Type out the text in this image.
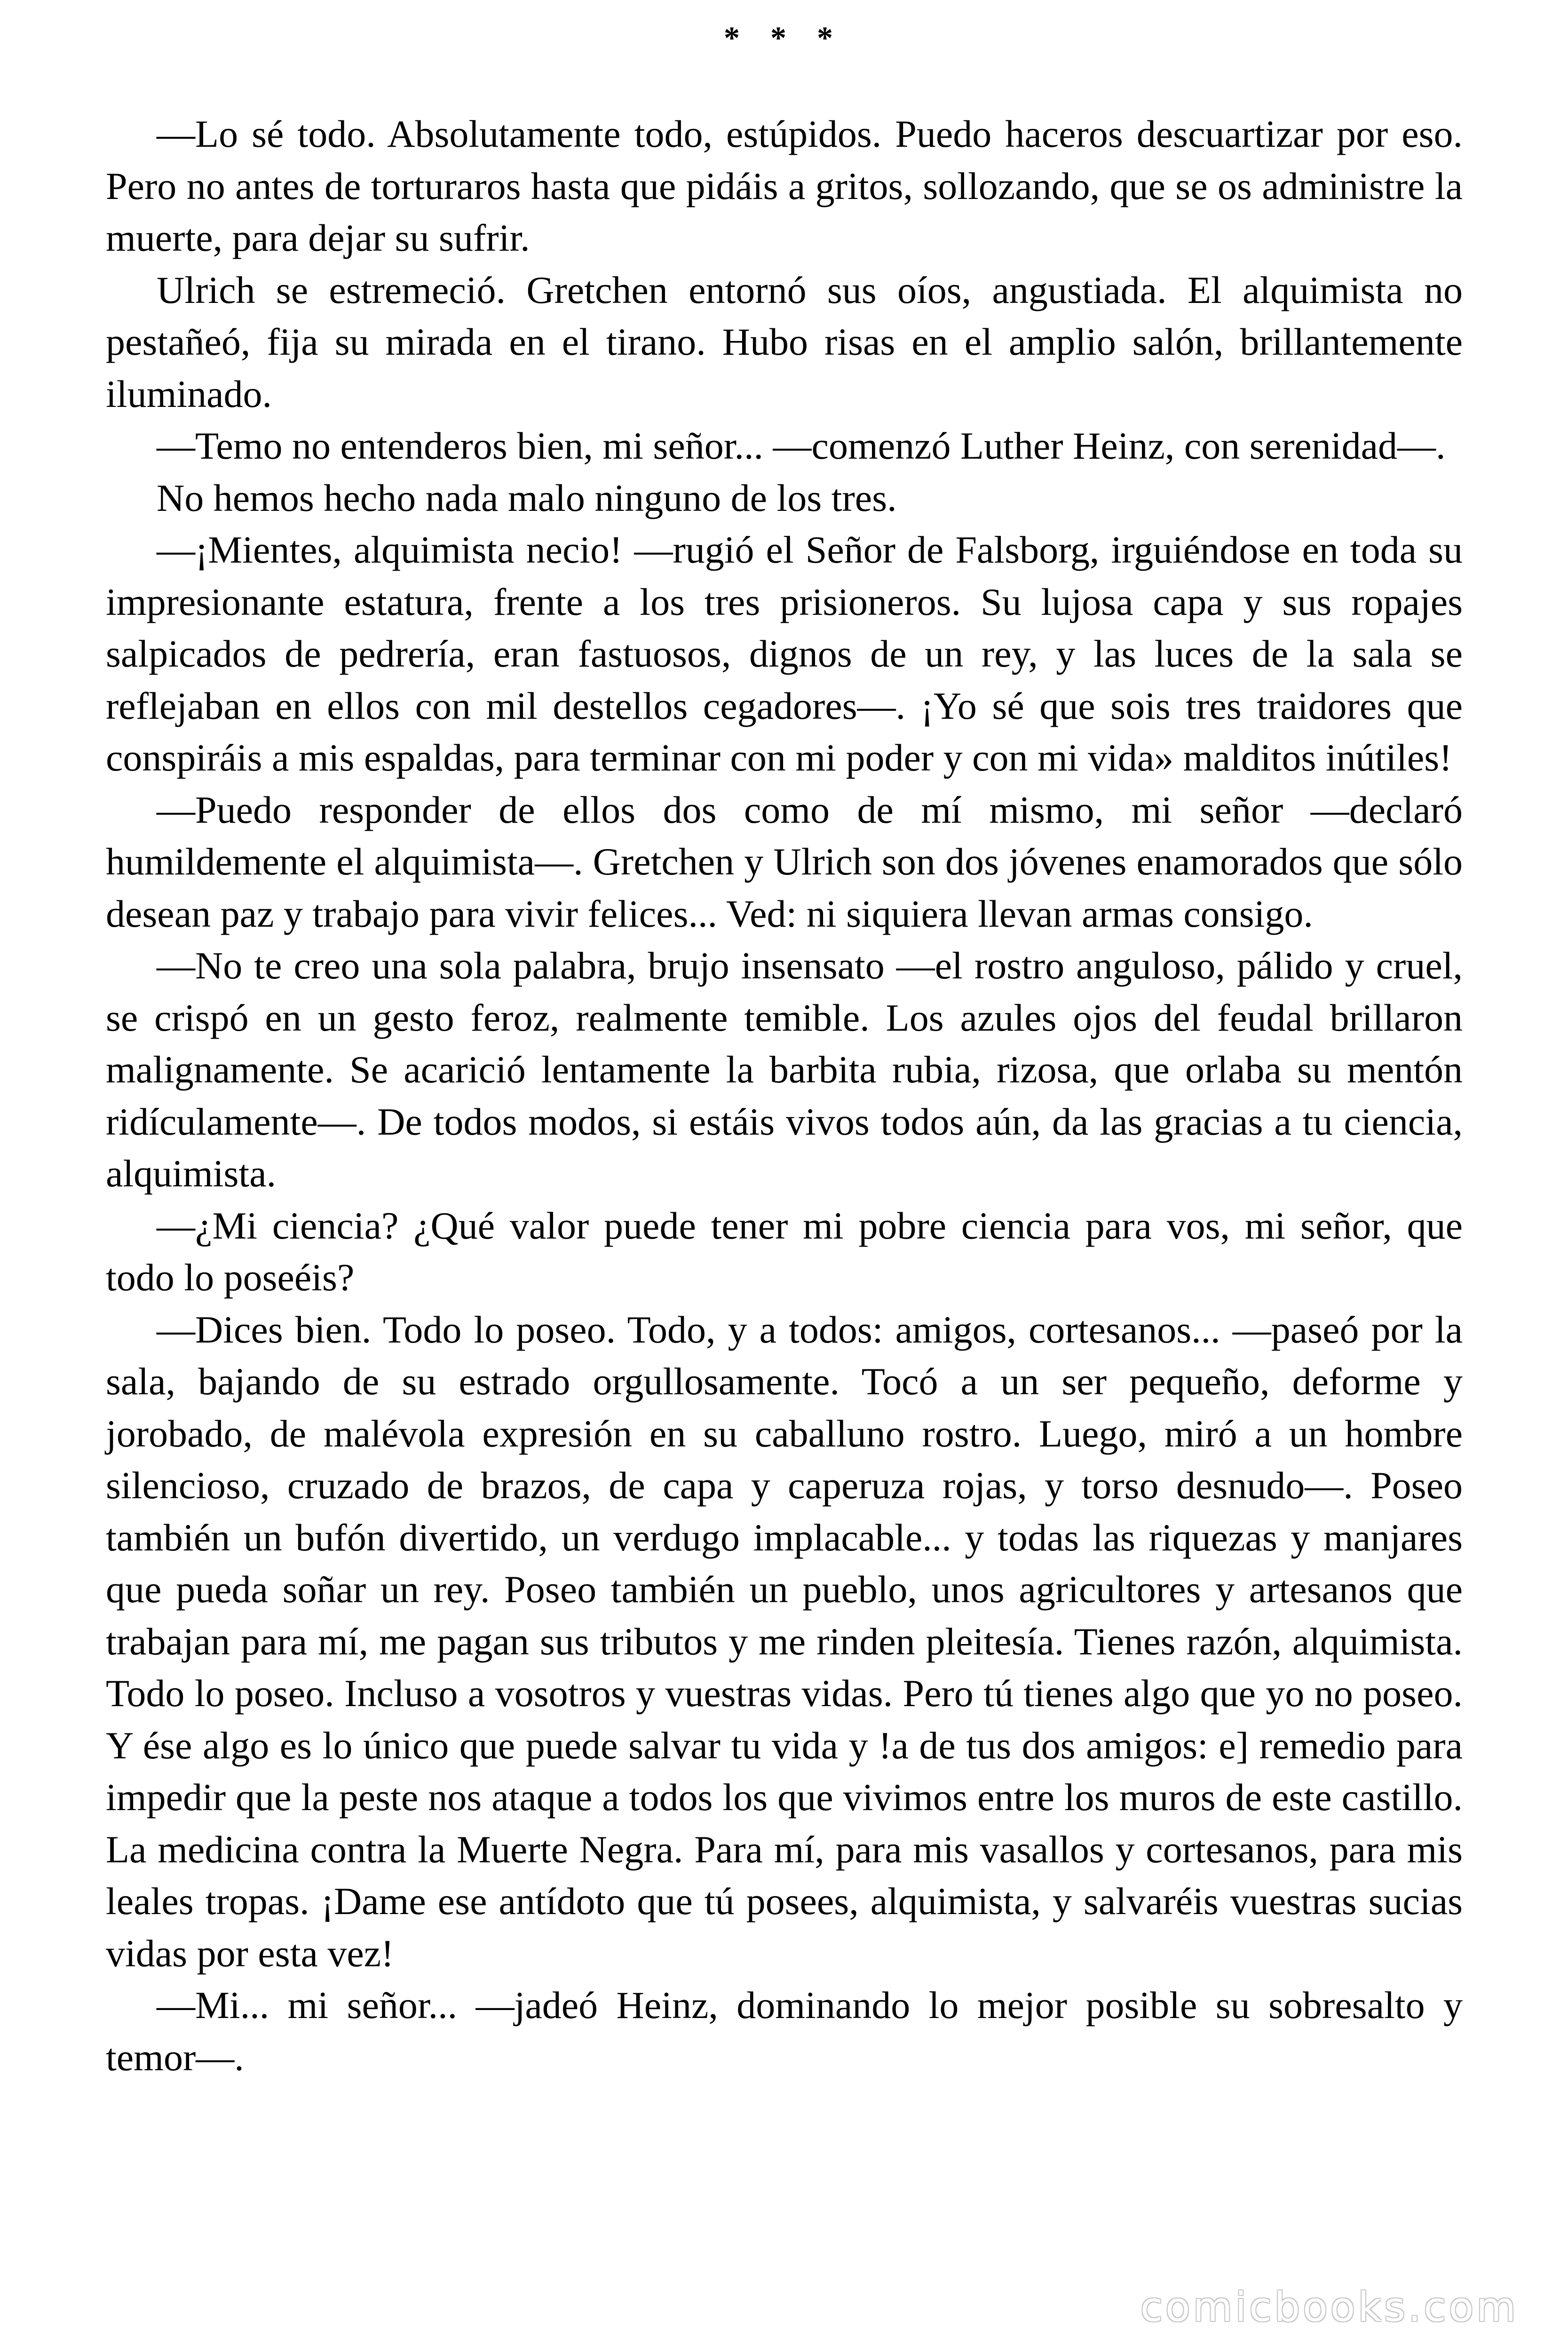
* * *

—Lo sé todo. Absolutamente todo, estúpidos. Puedo haceros descuartizar por eso. Pero no antes de torturaros hasta que pidáis a gritos, sollozando, que se os administre la muerte, para dejar su sufrir.

Ulrich se estremeció. Gretchen entornó sus oíos, angustiada. El alquimista no pestañeó, fija su mirada en el tirano. Hubo risas en el amplio salón, brillantemente iluminado.

—Temo no entenderos bien, mi señor... —comenzó Luther Heinz, con serenidad—.

No hemos hecho nada malo ninguno de los tres.

—¡Mientes, alquimista necio! —rugió el Señor de Falsborg, irguiéndose en toda su impresionante estatura, frente a los tres prisioneros. Su lujosa capa y sus ropajes salpicados de pedrería, eran fastuosos, dignos de un rey, y las luces de la sala se reflejaban en ellos con mil destellos cegadores—. ¡Yo sé que sois tres traidores que conspiráis a mis espaldas, para terminar con mi poder y con mi vida» malditos inútiles!

—Puedo responder de ellos dos como de mí mismo, mi señor —declaró humildemente el alquimista—. Gretchen y Ulrich son dos jóvenes enamorados que sólo desean paz y trabajo para vivir felices... Ved: ni siquiera llevan armas consigo.

—No te creo una sola palabra, brujo insensato —el rostro anguloso, pálido y cruel, se crispó en un gesto feroz, realmente temible. Los azules ojos del feudal brillaron malignamente. Se acarició lentamente la barbita rubia, rizosa, que orlaba su mentón ridículamente—. De todos modos, si estáis vivos todos aún, da las gracias a tu ciencia, alquimista.

—¿Mi ciencia? ¿Qué valor puede tener mi pobre ciencia para vos, mi señor, que todo lo poseéis?

—Dices bien. Todo lo poseo. Todo, y a todos: amigos, cortesanos... —paseó por la sala, bajando de su estrado orgullosamente. Tocó a un ser pequeño, deforme y jorobado, de malévola expresión en su caballuno rostro. Luego, miró a un hombre silencioso, cruzado de brazos, de capa y caperuza rojas, y torso desnudo—. Poseo también un bufón divertido, un verdugo implacable... y todas las riquezas y manjares que pueda soñar un rey. Poseo también un pueblo, unos agricultores y artesanos que trabajan para mí, me pagan sus tributos y me rinden pleitesía. Tienes razón, alquimista. Todo lo poseo. Incluso a vosotros y vuestras vidas. Pero tú tienes algo que yo no poseo. Y ése algo es lo único que puede salvar tu vida y !a de tus dos amigos: e] remedio para impedir que la peste nos ataque a todos los que vivimos entre los muros de este castillo. La medicina contra la Muerte Negra. Para mí, para mis vasallos y cortesanos, para mis leales tropas. ¡Dame ese antídoto que tú posees, alquimista, y salvaréis vuestras sucias vidas por esta vez!

—Mi... mi señor... —jadeó Heinz, dominando lo mejor posible su sobresalto y temor—.

comicbooks.com
